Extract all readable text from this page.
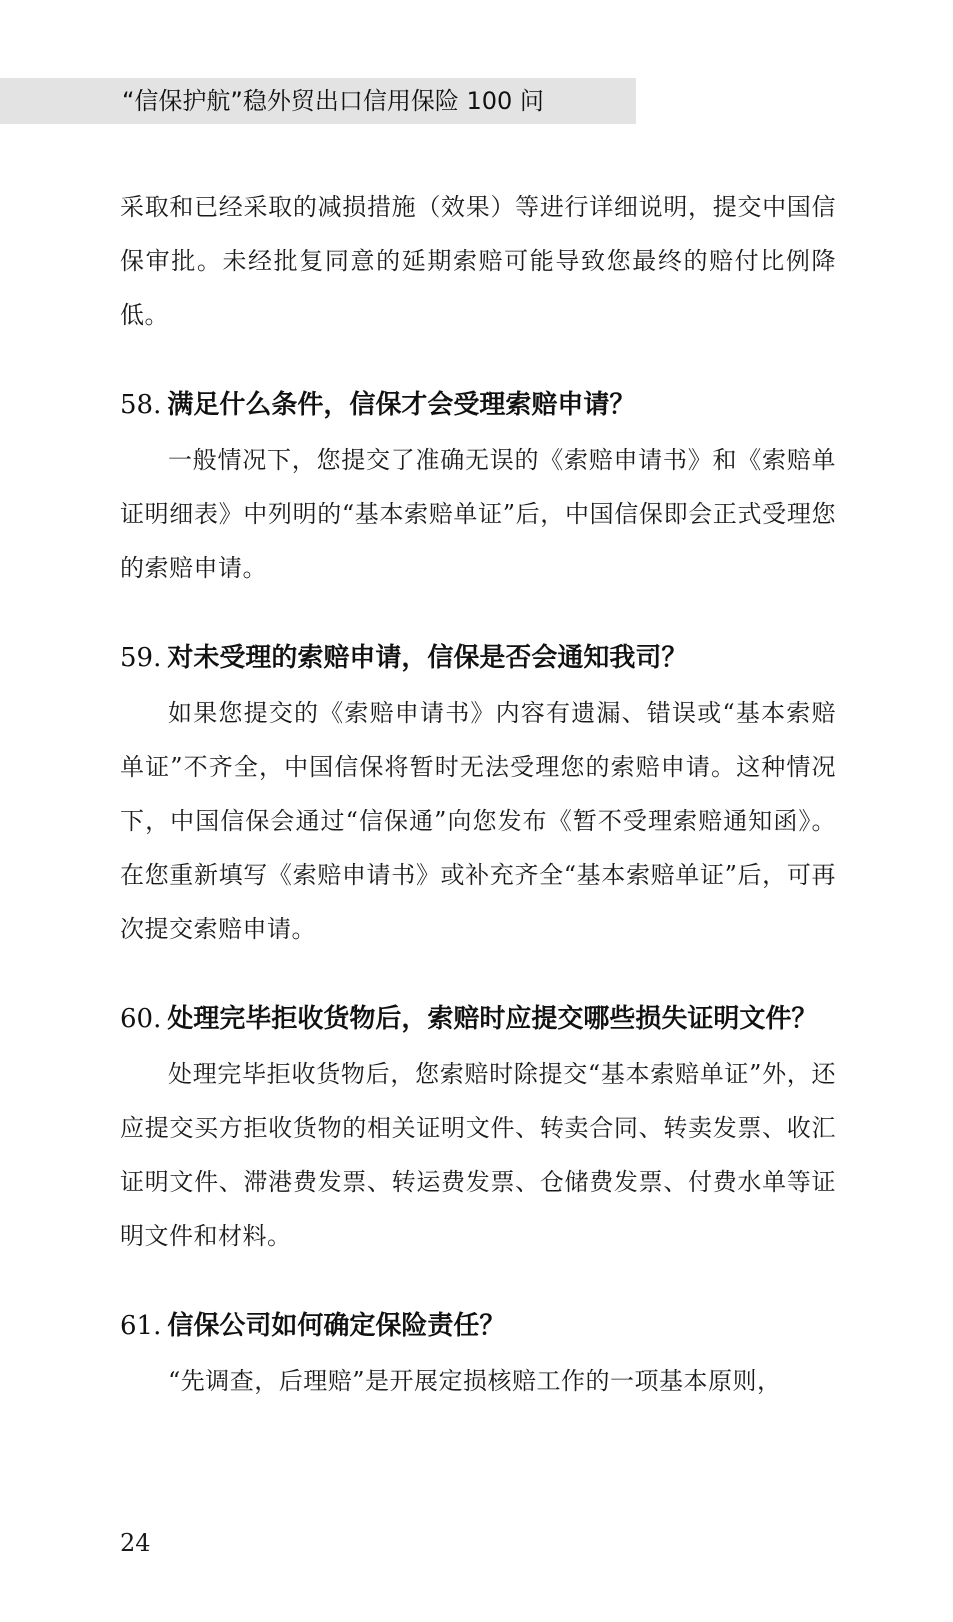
“信保护航”稳外贸出口信用保险 100 问

采取和已经采取的减损措施（效果）等进行详细说明，提交中国信保审批。未经批复同意的延期索赔可能导致您最终的赔付比例降低。

58. 满足什么条件，信保才会受理索赔申请？

一般情况下，您提交了准确无误的《索赔申请书》和《索赔单证明细表》中列明的“基本索赔单证”后，中国信保即会正式受理您的索赔申请。

59. 对未受理的索赔申请，信保是否会通知我司？

如果您提交的《索赔申请书》内容有遗漏、错误或“基本索赔单证”不齐全，中国信保将暂时无法受理您的索赔申请。这种情况下，中国信保会通过“信保通”向您发布《暂不受理索赔通知函》。在您重新填写《索赔申请书》或补充齐全“基本索赔单证”后，可再次提交索赔申请。

60. 处理完毕拒收货物后，索赔时应提交哪些损失证明文件？

处理完毕拒收货物后，您索赔时除提交“基本索赔单证”外，还应提交买方拒收货物的相关证明文件、转卖合同、转卖发票、收汇证明文件、滞港费发票、转运费发票、仓储费发票、付费水单等证明文件和材料。

61. 信保公司如何确定保险责任？

“先调查，后理赔”是开展定损核赔工作的一项基本原则，

24
